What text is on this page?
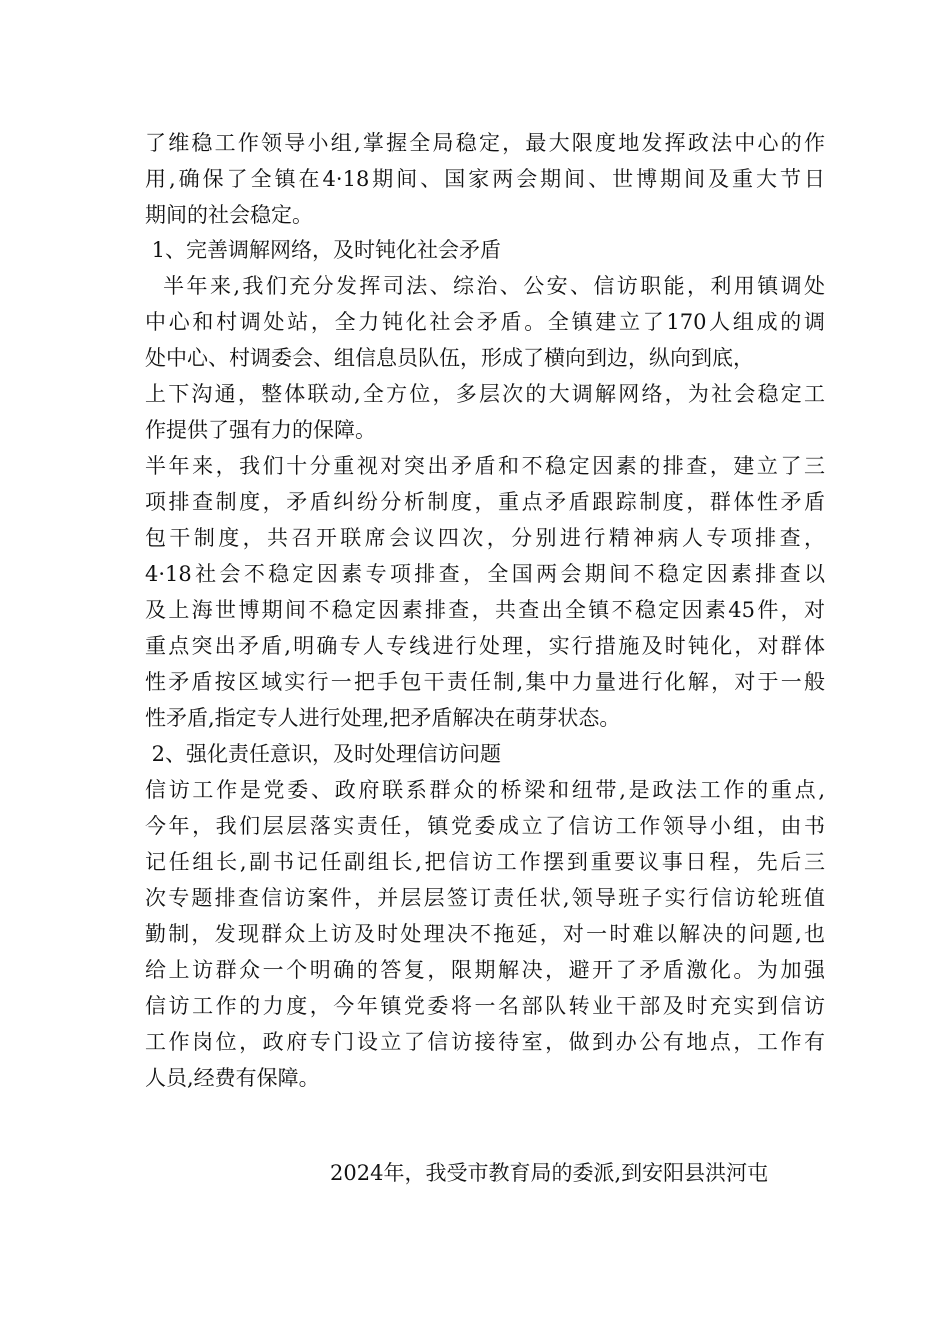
了维稳工作领导小组,掌握全局稳定，最大限度地发挥政法中心的作
用,确保了全镇在4·18期间、国家两会期间、世博期间及重大节日
期间的社会稳定。
1、完善调解网络，及时钝化社会矛盾
半年来,我们充分发挥司法、综治、公安、信访职能，利用镇调处
中心和村调处站，全力钝化社会矛盾。全镇建立了170人组成的调
处中心、村调委会、组信息员队伍，形成了横向到边，纵向到底，
上下沟通，整体联动,全方位，多层次的大调解网络，为社会稳定工
作提供了强有力的保障。
半年来，我们十分重视对突出矛盾和不稳定因素的排查，建立了三
项排查制度，矛盾纠纷分析制度，重点矛盾跟踪制度，群体性矛盾
包干制度，共召开联席会议四次，分别进行精神病人专项排查，
4·18社会不稳定因素专项排查，全国两会期间不稳定因素排查以
及上海世博期间不稳定因素排查，共查出全镇不稳定因素45件，对
重点突出矛盾,明确专人专线进行处理，实行措施及时钝化，对群体
性矛盾按区域实行一把手包干责任制,集中力量进行化解，对于一般
性矛盾,指定专人进行处理,把矛盾解决在萌芽状态。
2、强化责任意识，及时处理信访问题
信访工作是党委、政府联系群众的桥梁和纽带,是政法工作的重点,
今年，我们层层落实责任，镇党委成立了信访工作领导小组，由书
记任组长,副书记任副组长,把信访工作摆到重要议事日程，先后三
次专题排查信访案件，并层层签订责任状,领导班子实行信访轮班值
勤制，发现群众上访及时处理决不拖延，对一时难以解决的问题,也
给上访群众一个明确的答复，限期解决，避开了矛盾激化。为加强
信访工作的力度，今年镇党委将一名部队转业干部及时充实到信访
工作岗位，政府专门设立了信访接待室，做到办公有地点，工作有
人员,经费有保障。
2024年，我受市教育局的委派,到安阳县洪河屯
